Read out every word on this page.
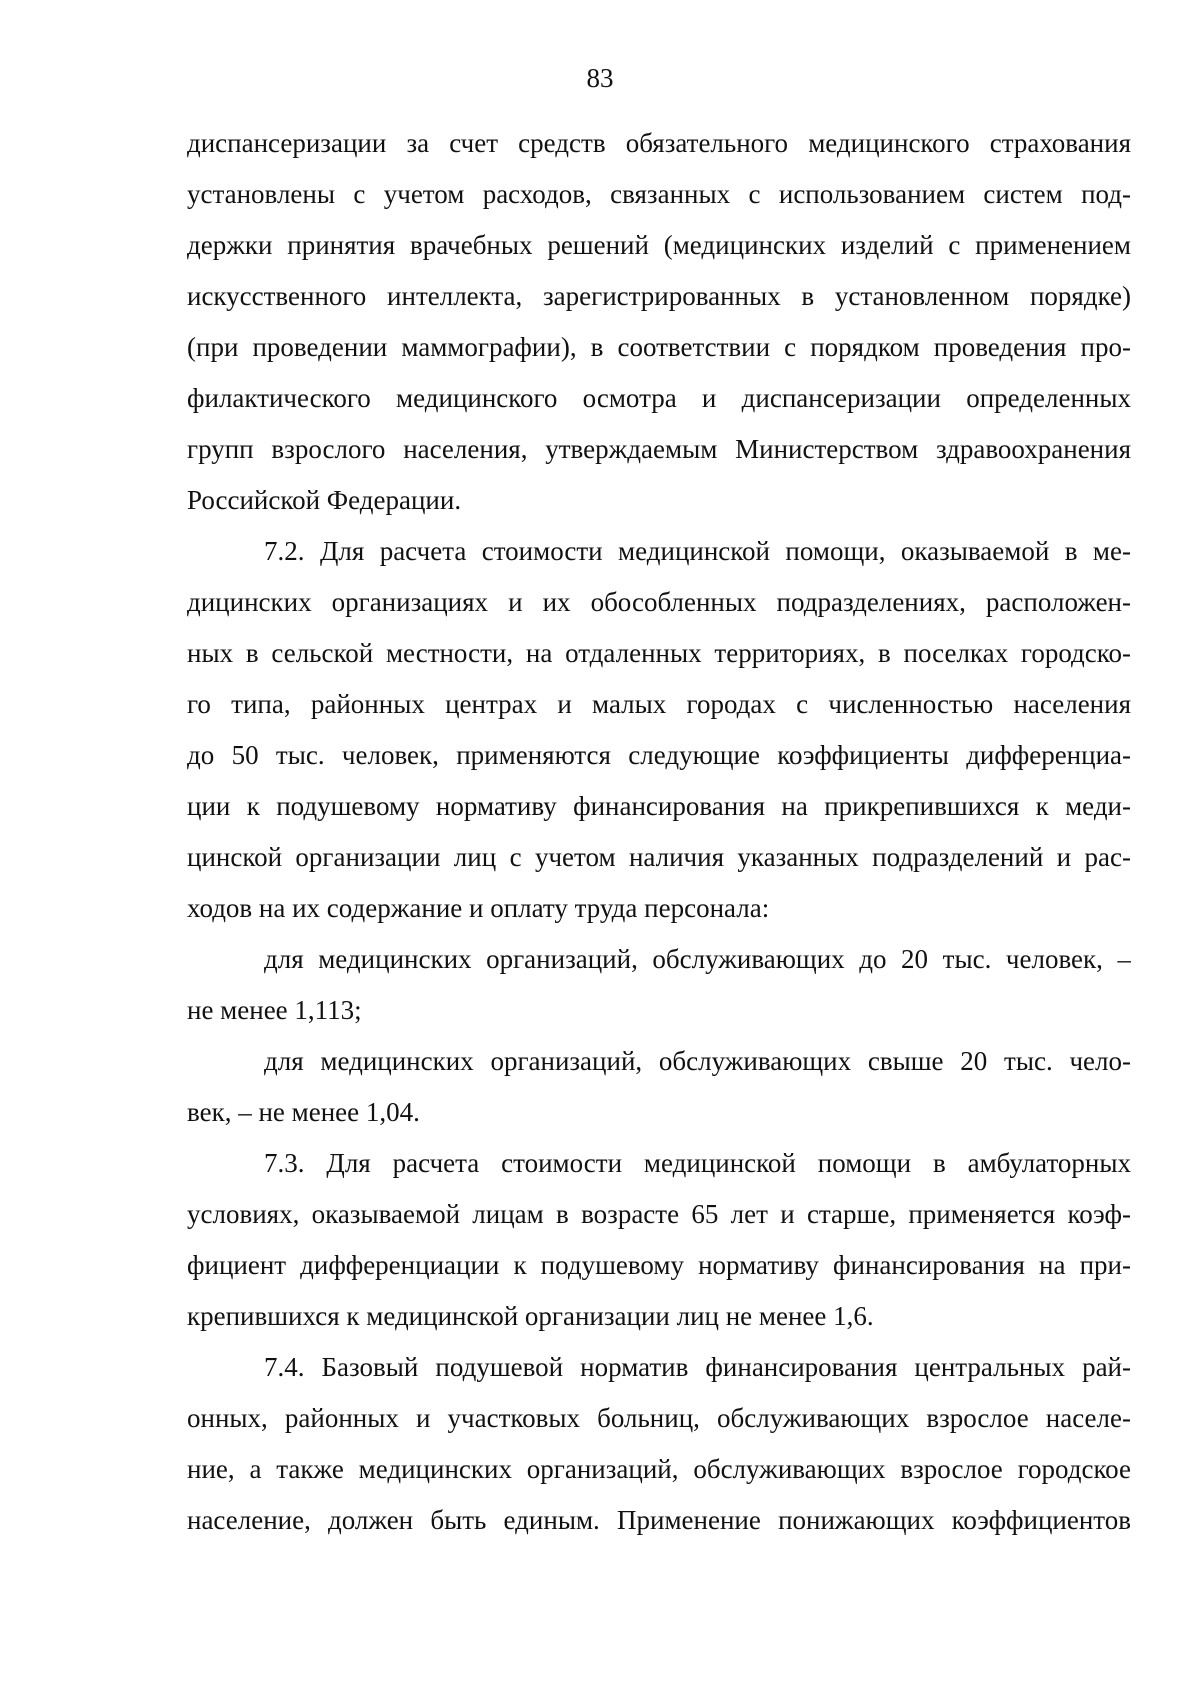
83
диспансеризации за счет средств обязательного медицинского страхования
установлены с учетом расходов, связанных с использованием систем под-
держки принятия врачебных решений (медицинских изделий с применением
искусственного интеллекта, зарегистрированных в установленном порядке)
(при проведении маммографии), в соответствии с порядком проведения про-
филактического медицинского осмотра и диспансеризации определенных
групп взрослого населения, утверждаемым Министерством здравоохранения
Российской Федерации.
7.2. Для расчета стоимости медицинской помощи, оказываемой в ме-
дицинских организациях и их обособленных подразделениях, расположен-
ных в сельской местности, на отдаленных территориях, в поселках городско-
го типа, районных центрах и малых городах с численностью населения
до 50 тыс. человек, применяются следующие коэффициенты дифференциа-
ции к подушевому нормативу финансирования на прикрепившихся к меди-
цинской организации лиц с учетом наличия указанных подразделений и рас-
ходов на их содержание и оплату труда персонала:
для медицинских организаций, обслуживающих до 20 тыс. человек, –
не менее 1,113;
для медицинских организаций, обслуживающих свыше 20 тыс. чело-
век, – не менее 1,04.
7.3. Для расчета стоимости медицинской помощи в амбулаторных
условиях, оказываемой лицам в возрасте 65 лет и старше, применяется коэф-
фициент дифференциации к подушевому нормативу финансирования на при-
крепившихся к медицинской организации лиц не менее 1,6.
7.4. Базовый подушевой норматив финансирования центральных рай-
онных, районных и участковых больниц, обслуживающих взрослое населе-
ние, а также медицинских организаций, обслуживающих взрослое городское
население, должен быть единым. Применение понижающих коэффициентов
